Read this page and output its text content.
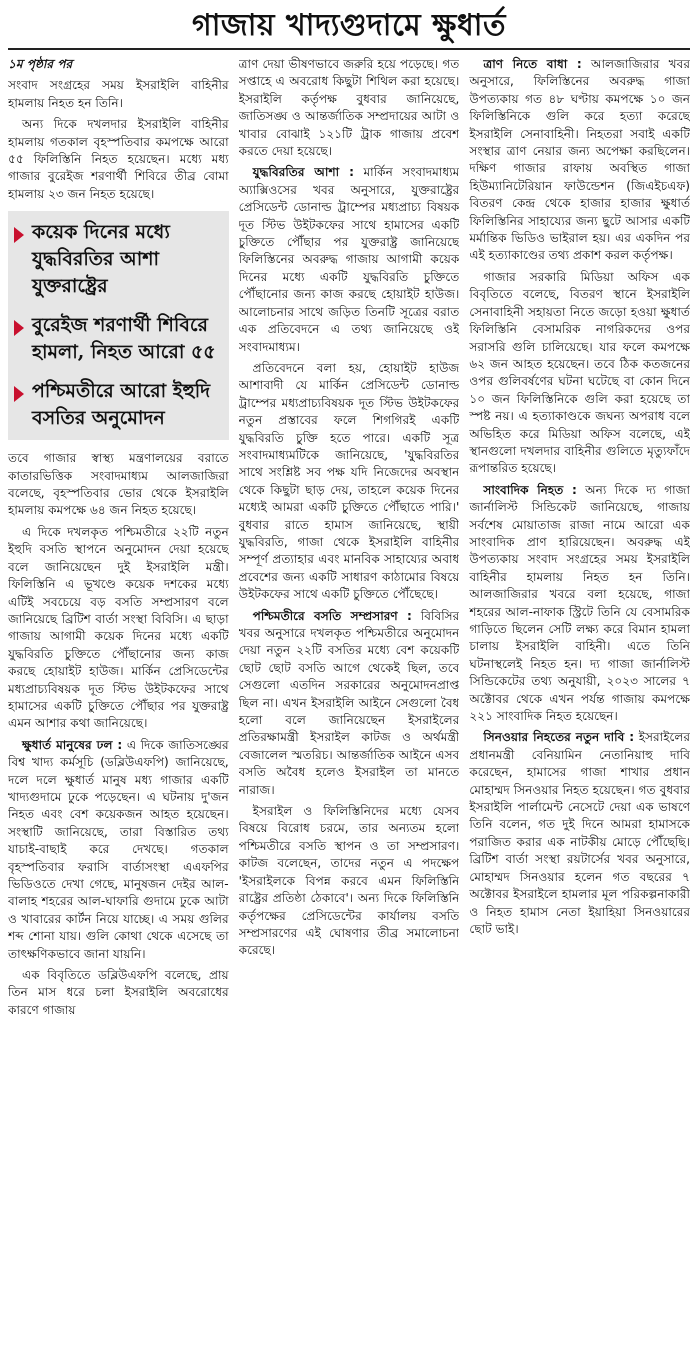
গাজায় খাদ্যগুদামে ক্ষুধার্ত

১ম পৃষ্ঠার পর

সংবাদ সংগ্রহের সময় ইসরাইলি বাহিনীর হামলায় নিহত হন তিনি।

অন্য দিকে দখলদার ইসরাইলি বাহিনীর হামলায় গতকাল বৃহস্পতিবার কমপক্ষে আরো ৫৫ ফিলিস্তিনি নিহত হয়েছেন। মধ্যে মধ্য গাজার বুরেইজ শরণার্থী শিবিরে তীব্র বোমা হামলায় ২৩ জন নিহত হয়েছে।

কয়েক দিনের মধ্যে যুদ্ধবিরতির আশা যুক্তরাষ্ট্রের
বুরেইজ শরণার্থী শিবিরে হামলা, নিহত আরো ৫৫
পশ্চিমতীরে আরো ইহুদি বসতির অনুমোদন

তবে গাজার স্বাস্থ্য মন্ত্রণালয়ের বরাতে কাতারভিত্তিক সংবাদমাধ্যম আলজাজিরা বলেছে, বৃহস্পতিবার ভোর থেকে ইসরাইলি হামলায় কমপক্ষে ৬৪ জন নিহত হয়েছে।

এ দিকে দখলকৃত পশ্চিমতীরে ২২টি নতুন ইহুদি বসতি স্থাপনে অনুমোদন দেয়া হয়েছে বলে জানিয়েছেন দুই ইসরাইলি মন্ত্রী। ফিলিস্তিনি এ ভূখণ্ডে কয়েক দশকের মধ্যে এটিই সবচেয়ে বড় বসতি সম্প্রসারণ বলে জানিয়েছে ব্রিটিশ বার্তা সংস্থা বিবিসি। এ ছাড়া গাজায় আগামী কয়েক দিনের মধ্যে একটি যুদ্ধবিরতি চুক্তিতে পৌঁছানোর জন্য কাজ করছে হোয়াইট হাউজ। মার্কিন প্রেসিডেন্টের মধ্যপ্রাচ্যবিষয়ক দূত স্টিভ উইটকফের সাথে হামাসের একটি চুক্তিতে পৌঁছার পর যুক্তরাষ্ট্র এমন আশার কথা জানিয়েছে।

ক্ষুধার্ত মানুষের ঢল : এ দিকে জাতিসঙ্ঘের বিশ্ব খাদ্য কর্মসূচি (ডব্লিউএফপি) জানিয়েছে, দলে দলে ক্ষুধার্ত মানুষ মধ্য গাজার একটি খাদ্যগুদামে ঢুকে পড়েছেন। এ ঘটনায় দু'জন নিহত এবং বেশ কয়েকজন আহত হয়েছেন। সংস্থাটি জানিয়েছে, তারা বিস্তারিত তথ্য যাচাই-বাছাই করে দেখছে। গতকাল বৃহস্পতিবার ফরাসি বার্তাসংস্থা এএফপির ভিডিওতে দেখা গেছে, মানুষজন দেইর আল-বালাহ শহরের আল-ঘাফারি গুদামে ঢুকে আটা ও খাবারের কার্টন নিয়ে যাচ্ছে। এ সময় গুলির শব্দ শোনা যায়। গুলি কোথা থেকে এসেছে তা তাৎক্ষণিকভাবে জানা যায়নি।

এক বিবৃতিতে ডব্লিউএফপি বলেছে, প্রায় তিন মাস ধরে চলা ইসরাইলি অবরোধের কারণে গাজায়

ত্রাণ দেয়া ভীষণভাবে জরুরি হয়ে পড়েছে। গত সপ্তাহে এ অবরোধ কিছুটা শিথিল করা হয়েছে। ইসরাইলি কর্তৃপক্ষ বুধবার জানিয়েছে, জাতিসঙ্ঘ ও আন্তর্জাতিক সম্প্রদায়ের আটা ও খাবার বোঝাই ১২১টি ট্রাক গাজায় প্রবেশ করতে দেয়া হয়েছে।

যুদ্ধবিরতির আশা : মার্কিন সংবাদমাধ্যম অ্যাক্সিওসের খবর অনুসারে, যুক্তরাষ্ট্রের প্রেসিডেন্ট ডোনাল্ড ট্রাম্পের মধ্যপ্রাচ্য বিষয়ক দূত স্টিভ উইটকফের সাথে হামাসের একটি চুক্তিতে পৌঁছার পর যুক্তরাষ্ট্র জানিয়েছে ফিলিস্তিনের অবরুদ্ধ গাজায় আগামী কয়েক দিনের মধ্যে একটি যুদ্ধবিরতি চুক্তিতে পৌঁছানোর জন্য কাজ করছে হোয়াইট হাউজ। আলোচনার সাথে জড়িত তিনটি সূত্রের বরাত এক প্রতিবেদনে এ তথ্য জানিয়েছে ওই সংবাদমাধ্যম।

প্রতিবেদনে বলা হয়, হোয়াইট হাউজ আশাবাদী যে মার্কিন প্রেসিডেন্ট ডোনাল্ড ট্রাম্পের মধ্যপ্রাচ্যবিষয়ক দূত স্টিভ উইটকফের নতুন প্রস্তাবের ফলে শিগগিরই একটি যুদ্ধবিরতি চুক্তি হতে পারে। একটি সূত্র সংবাদমাধ্যমটিকে জানিয়েছে, 'যুদ্ধবিরতির সাথে সংশ্লিষ্ট সব পক্ষ যদি নিজেদের অবস্থান থেকে কিছুটা ছাড় দেয়, তাহলে কয়েক দিনের মধ্যেই আমরা একটি চুক্তিতে পৌঁছাতে পারি।' বুধবার রাতে হামাস জানিয়েছে, স্থায়ী যুদ্ধবিরতি, গাজা থেকে ইসরাইলি বাহিনীর সম্পূর্ণ প্রত্যাহার এবং মানবিক সাহায্যের অবাধ প্রবেশের জন্য একটি সাধারণ কাঠামোর বিষয়ে উইটকফের সাথে একটি চুক্তিতে পৌঁছেছে।

পশ্চিমতীরে বসতি সম্প্রসারণ : বিবিসির খবর অনুসারে দখলকৃত পশ্চিমতীরে অনুমোদন দেয়া নতুন ২২টি বসতির মধ্যে বেশ কয়েকটি ছোট ছোট বসতি আগে থেকেই ছিল, তবে সেগুলো এতদিন সরকারের অনুমোদনপ্রাপ্ত ছিল না। এখন ইসরাইলি আইনে সেগুলো বৈধ হলো বলে জানিয়েছেন ইসরাইলের প্রতিরক্ষামন্ত্রী ইসরাইল কাটজ ও অর্থমন্ত্রী বেজালেল স্মতরিচ। আন্তর্জাতিক আইনে এসব বসতি অবৈধ হলেও ইসরাইল তা মানতে নারাজ।

ইসরাইল ও ফিলিস্তিনিদের মধ্যে যেসব বিষয়ে বিরোধ চরমে, তার অন্যতম হলো পশ্চিমতীরে বসতি স্থাপন ও তা সম্প্রসারণ। কাটজ বলেছেন, তাদের নতুন এ পদক্ষেপ 'ইসরাইলকে বিপন্ন করবে এমন ফিলিস্তিনি রাষ্ট্রের প্রতিষ্ঠা ঠেকাবে'। অন্য দিকে ফিলিস্তিনি কর্তৃপক্ষের প্রেসিডেন্টের কার্যালয় বসতি সম্প্রসারণের এই ঘোষণার তীব্র সমালোচনা করেছে।

ত্রাণ নিতে বাধা : আলজাজিরার খবর অনুসারে, ফিলিস্তিনের অবরুদ্ধ গাজা উপত্যকায় গত ৪৮ ঘণ্টায় কমপক্ষে ১০ জন ফিলিস্তিনিকে গুলি করে হত্যা করেছে ইসরাইলি সেনাবাহিনী। নিহতরা সবাই একটি সংস্থার ত্রাণ নেয়ার জন্য অপেক্ষা করছিলেন। দক্ষিণ গাজার রাফায় অবস্থিত গাজা হিউম্যানিটেরিয়ান ফাউন্ডেশন (জিএইচএফ) বিতরণ কেন্দ্র থেকে হাজার হাজার ক্ষুধার্ত ফিলিস্তিনির সাহায্যের জন্য ছুটে আসার একটি মর্মান্তিক ভিডিও ভাইরাল হয়। এর একদিন পর এই হত্যাকাণ্ডের তথ্য প্রকাশ করল কর্তৃপক্ষ।

গাজার সরকারি মিডিয়া অফিস এক বিবৃতিতে বলেছে, বিতরণ স্থানে ইসরাইলি সেনাবাহিনী সহায়তা নিতে জড়ো হওয়া ক্ষুধার্ত ফিলিস্তিনি বেসামরিক নাগরিকদের ওপর সরাসরি গুলি চালিয়েছে। যার ফলে কমপক্ষে ৬২ জন আহত হয়েছেন। তবে ঠিক কতজনের ওপর গুলিবর্ষণের ঘটনা ঘটেছে বা কোন দিনে ১০ জন ফিলিস্তিনিকে গুলি করা হয়েছে তা স্পষ্ট নয়। এ হত্যাকাণ্ডকে জঘন্য অপরাধ বলে অভিহিত করে মিডিয়া অফিস বলেছে, এই স্থানগুলো দখলদার বাহিনীর গুলিতে মৃত্যুফাঁদে রূপান্তরিত হয়েছে।

সাংবাদিক নিহত : অন্য দিকে দ্য গাজা জার্নালিস্ট সিন্ডিকেট জানিয়েছে, গাজায় সর্বশেষ মোয়াতাজ রাজা নামে আরো এক সাংবাদিক প্রাণ হারিয়েছেন। অবরুদ্ধ এই উপত্যকায় সংবাদ সংগ্রহের সময় ইসরাইলি বাহিনীর হামলায় নিহত হন তিনি। আলজাজিরার খবরে বলা হয়েছে, গাজা শহরের আল-নাফাক স্ট্রিটে তিনি যে বেসামরিক গাড়িতে ছিলেন সেটি লক্ষ্য করে বিমান হামলা চালায় ইসরাইলি বাহিনী। এতে তিনি ঘটনাস্থলেই নিহত হন। দ্য গাজা জার্নালিস্ট সিন্ডিকেটের তথ্য অনুযায়ী, ২০২৩ সালের ৭ অক্টোবর থেকে এখন পর্যন্ত গাজায় কমপক্ষে ২২১ সাংবাদিক নিহত হয়েছেন।

সিনওয়ার নিহতের নতুন দাবি : ইসরাইলের প্রধানমন্ত্রী বেনিয়ামিন নেতানিয়াহু দাবি করেছেন, হামাসের গাজা শাখার প্রধান মোহাম্মদ সিনওয়ার নিহত হয়েছেন। গত বুধবার ইসরাইলি পার্লামেন্ট নেসেটে দেয়া এক ভাষণে তিনি বলেন, গত দুই দিনে আমরা হামাসকে পরাজিত করার এক নাটকীয় মোড়ে পৌঁছেছি। ব্রিটিশ বার্তা সংস্থা রয়টার্সের খবর অনুসারে, মোহাম্মদ সিনওয়ার হলেন গত বছরের ৭ অক্টোবর ইসরাইলে হামলার মূল পরিকল্পনাকারী ও নিহত হামাস নেতা ইয়াহিয়া সিনওয়ারের ছোট ভাই।
